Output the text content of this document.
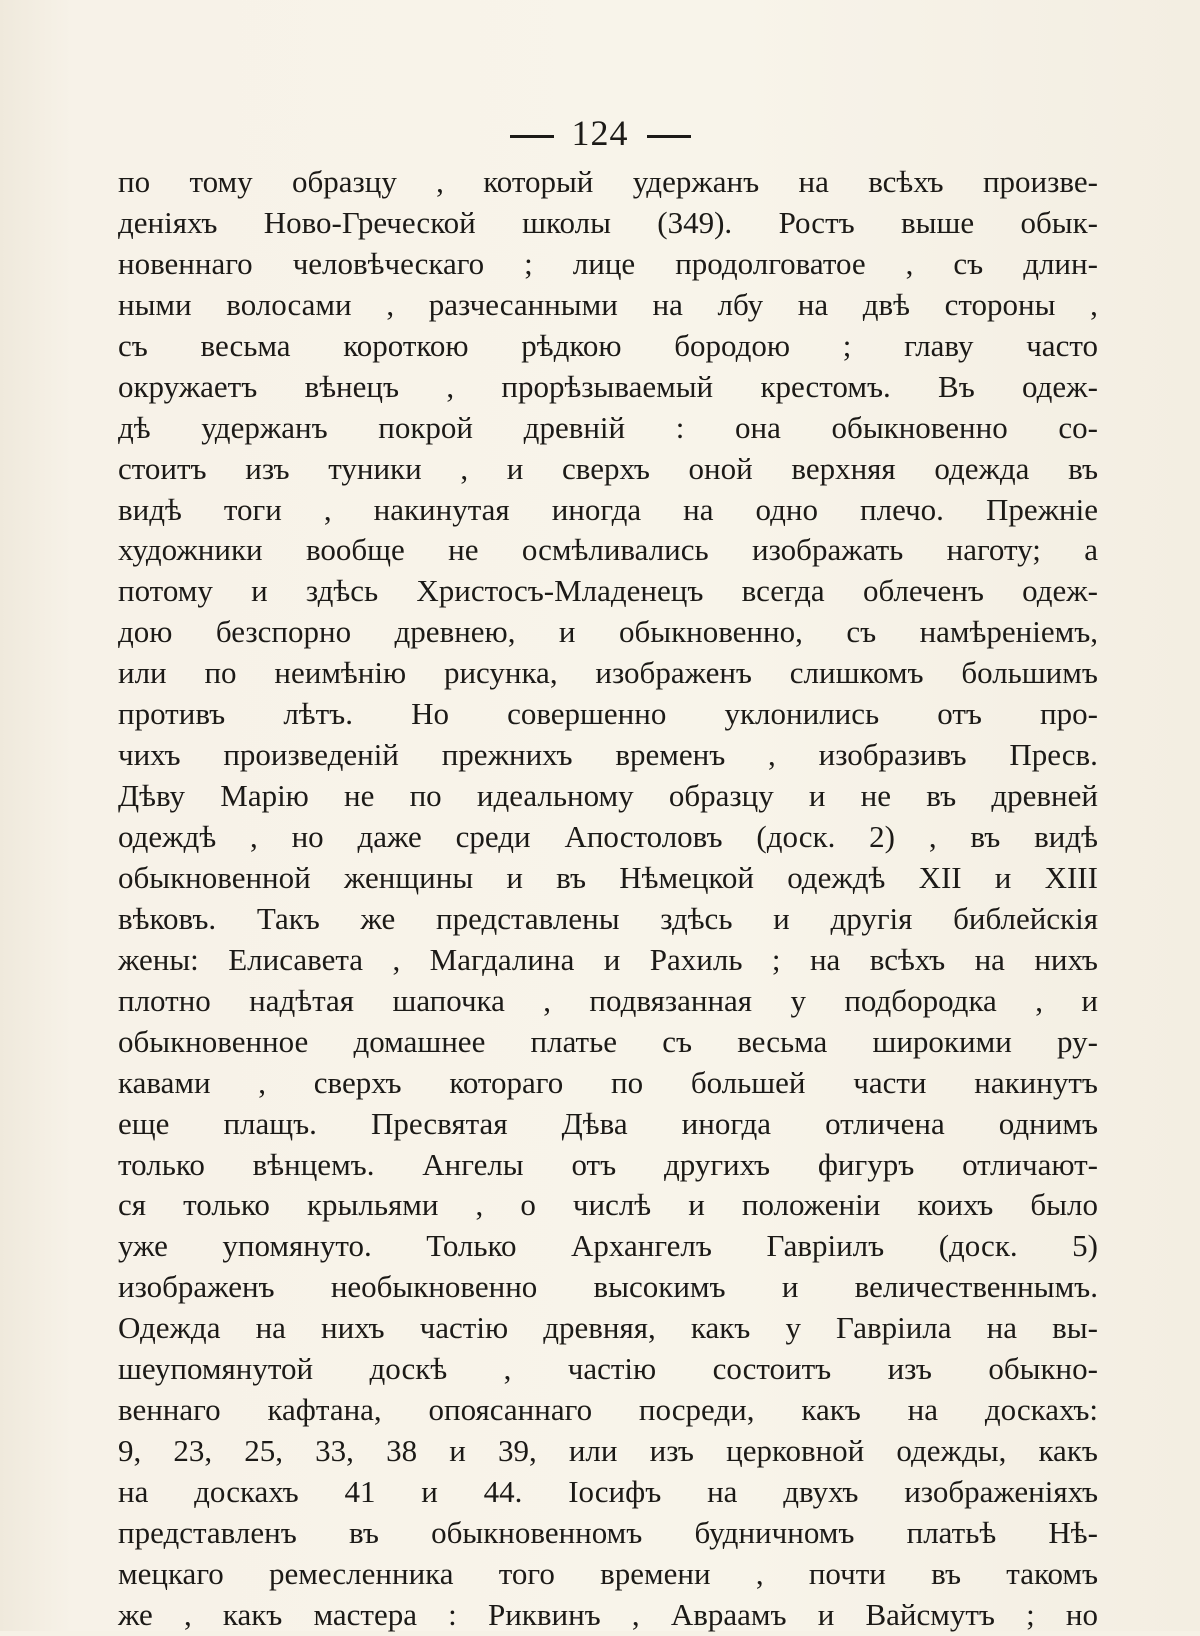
124
по тому образцу , который удержанъ на всѣхъ произве-
деніяхъ Ново-Греческой школы (349). Ростъ выше обык-
новеннаго человѣческаго ; лице продолговатое , съ длин-
ными волосами , разчесанными на лбу на двѣ стороны ,
съ весьма короткою рѣдкою бородою ; главу часто
окружаетъ вѣнецъ , прорѣзываемый крестомъ. Въ одеж-
дѣ удержанъ покрой древній : она обыкновенно со-
стоитъ изъ туники , и сверхъ оной верхняя одежда въ
видѣ тоги , накинутая иногда на одно плечо. Прежніе
художники вообще не осмѣливались изображать наготу; а
потому и здѣсь Христосъ-Младенецъ всегда облеченъ одеж-
дою безспорно древнею, и обыкновенно, съ намѣреніемъ,
или по неимѣнію рисунка, изображенъ слишкомъ большимъ
противъ лѣтъ. Но совершенно уклонились отъ про-
чихъ произведеній прежнихъ временъ , изобразивъ Пресв.
Дѣву Марію не по идеальному образцу и не въ древней
одеждѣ , но даже среди Апостоловъ (доск. 2) , въ видѣ
обыкновенной женщины и въ Нѣмецкой одеждѣ XII и XIII
вѣковъ. Такъ же представлены здѣсь и другія библейскія
жены: Елисавета , Магдалина и Рахиль ; на всѣхъ на нихъ
плотно надѣтая шапочка , подвязанная у подбородка , и
обыкновенное домашнее платье съ весьма широкими ру-
кавами , сверхъ котораго по большей части накинутъ
еще плащъ. Пресвятая Дѣва иногда отличена однимъ
только вѣнцемъ. Ангелы отъ другихъ фигуръ отличают-
ся только крыльями , о числѣ и положеніи коихъ было
уже упомянуто. Только Архангелъ Гавріилъ (доск. 5)
изображенъ необыкновенно высокимъ и величественнымъ.
Одежда на нихъ частію древняя, какъ у Гавріила на вы-
шеупомянутой доскѣ , частію состоитъ изъ обыкно-
веннаго кафтана, опоясаннаго посреди, какъ на доскахъ:
9, 23, 25, 33, 38 и 39, или изъ церковной одежды, какъ
на доскахъ 41 и 44. Іосифъ на двухъ изображеніяхъ
представленъ въ обыкновенномъ будничномъ платьѣ Нѣ-
мецкаго ремесленника того времени , почти въ такомъ
же , какъ мастера : Риквинъ , Авраамъ и Вайсмутъ ; но
